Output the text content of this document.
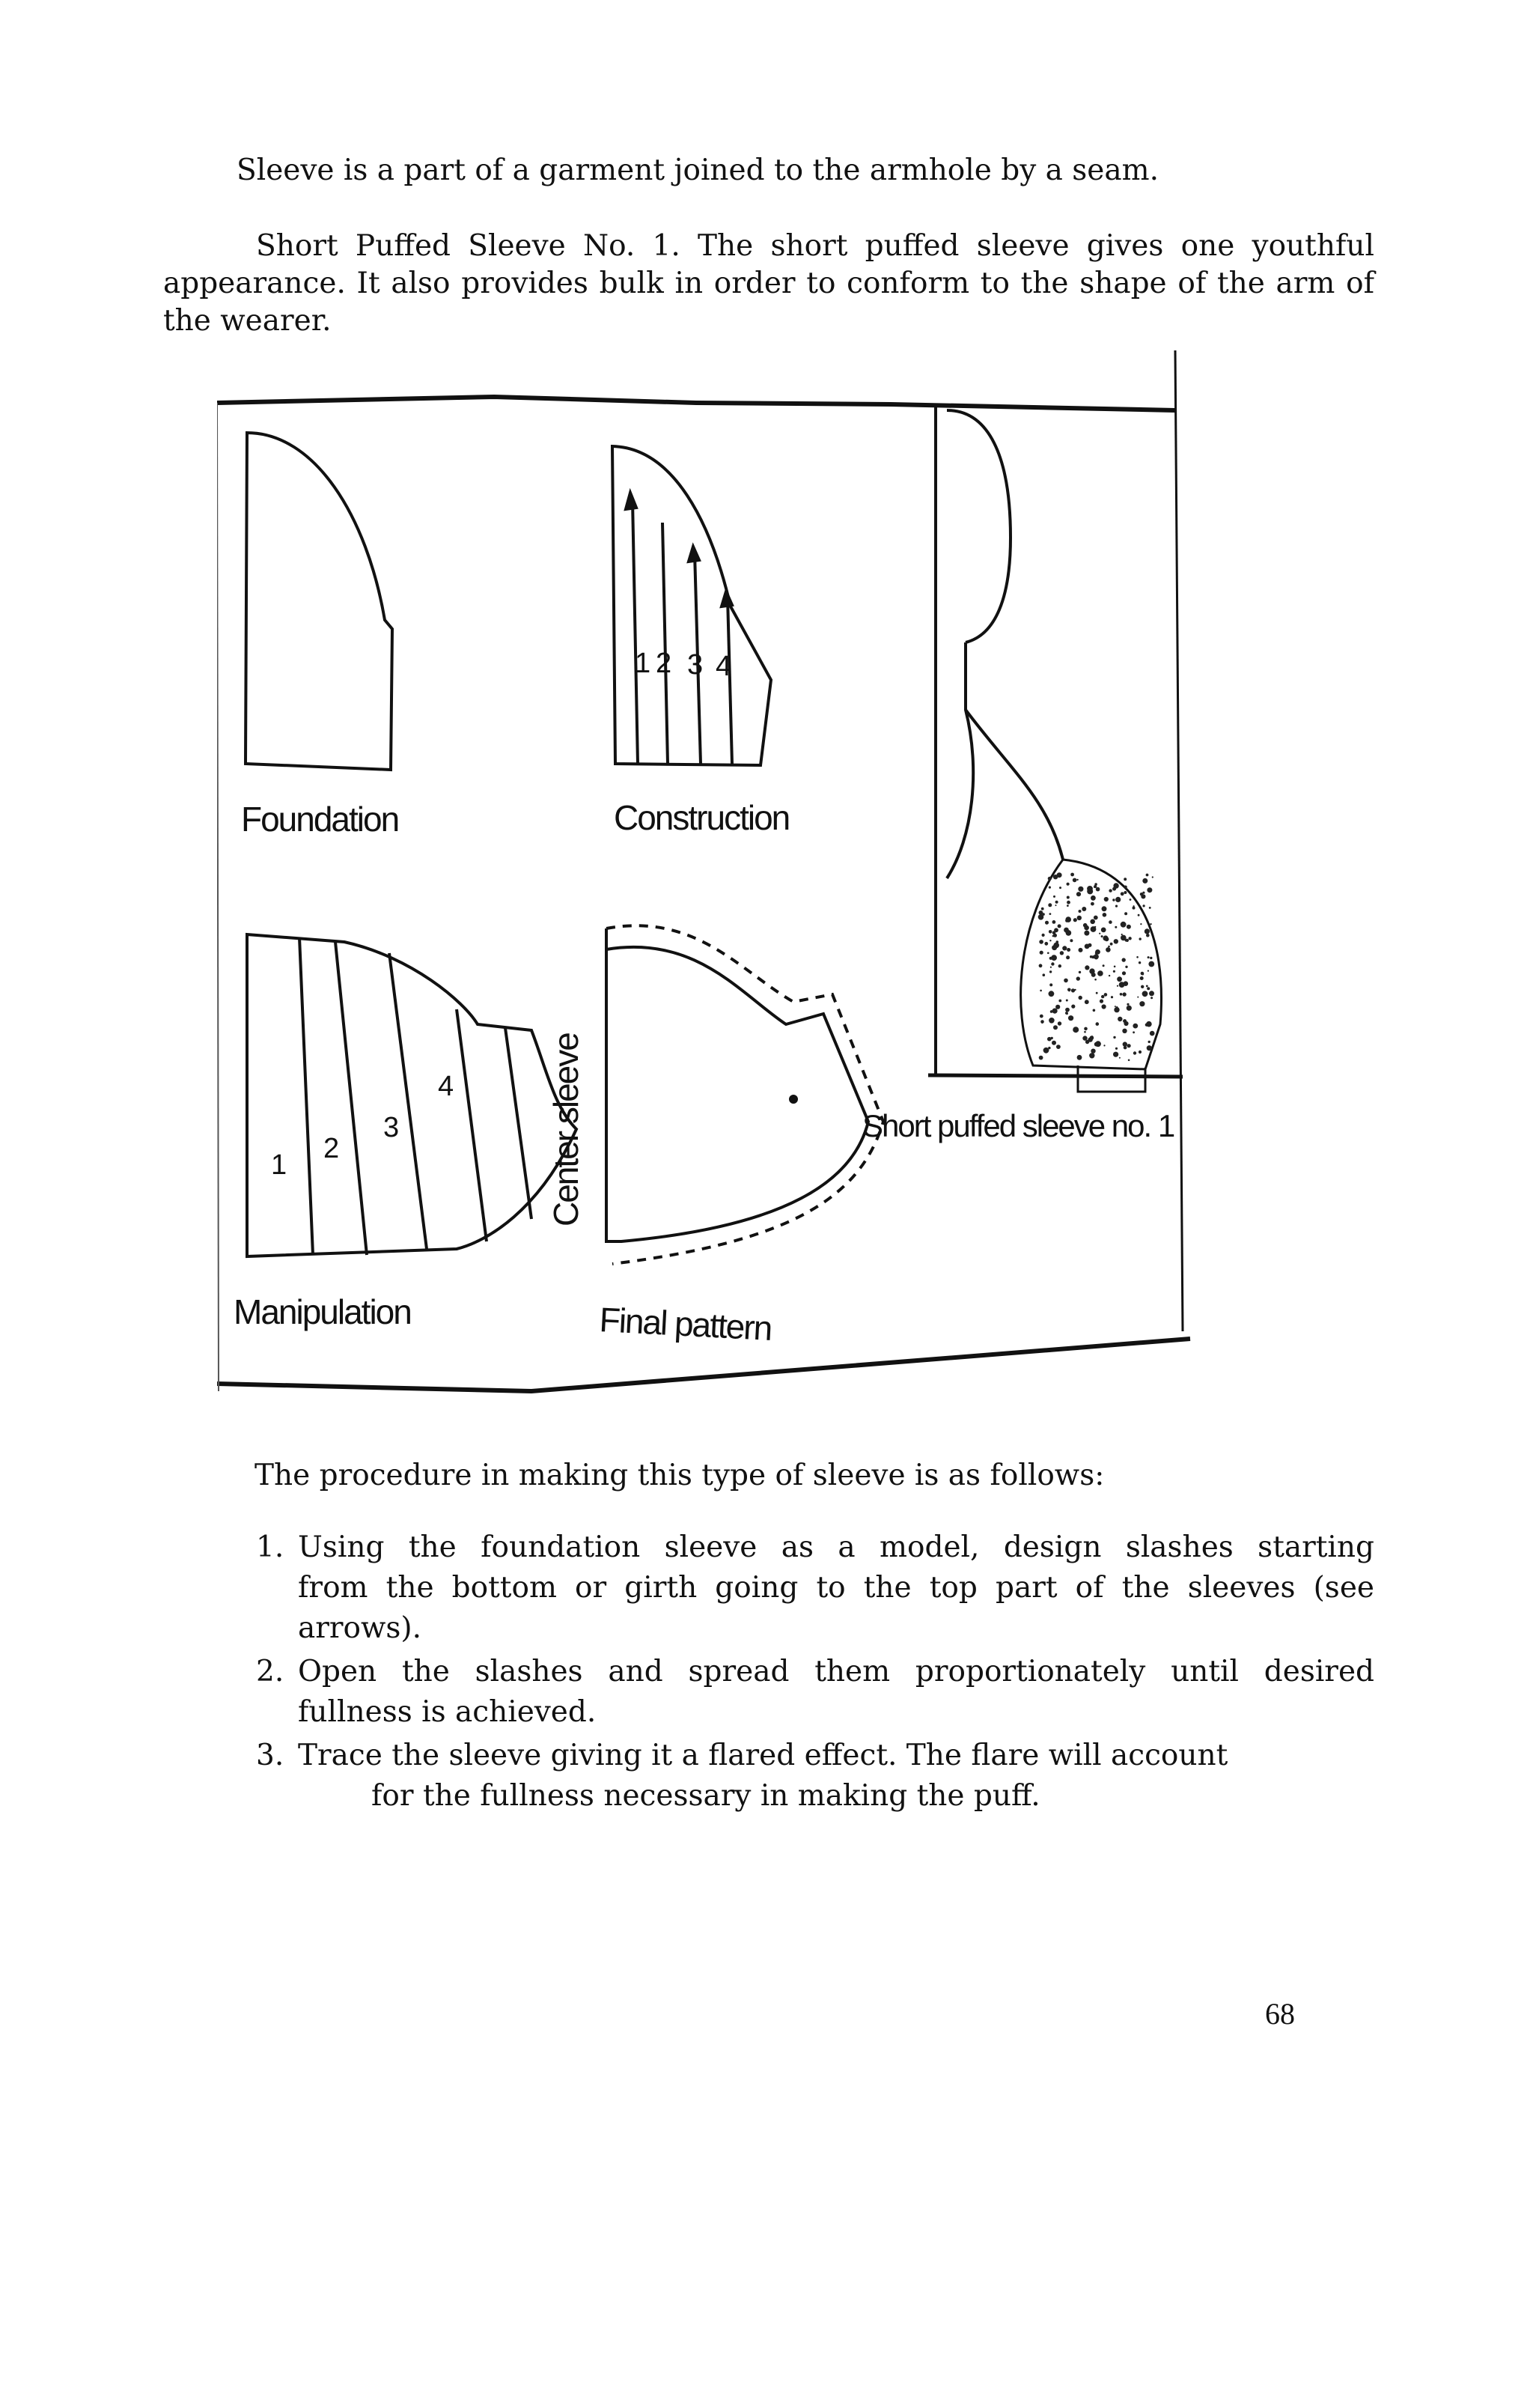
Sleeve is a part of a garment joined to the armhole by a seam.

Short Puffed Sleeve No. 1. The short puffed sleeve gives one youthful
appearance. It also provides bulk in order to conform to the shape of the arm of
the wearer.

1 2 3 4
1
2
3
4
Foundation	Construction
Manipulation	Final pattern
Center sleeve	Short puffed sleeve no. 1

The procedure in making this type of sleeve is as follows:

1. Using the foundation sleeve as a model, design slashes starting
from the bottom or girth going to the top part of the sleeves (see
arrows).
2. Open the slashes and spread them proportionately until desired
fullness is achieved.
3. Trace the sleeve giving it a flared effect. The flare will account
for the fullness necessary in making the puff.
68
